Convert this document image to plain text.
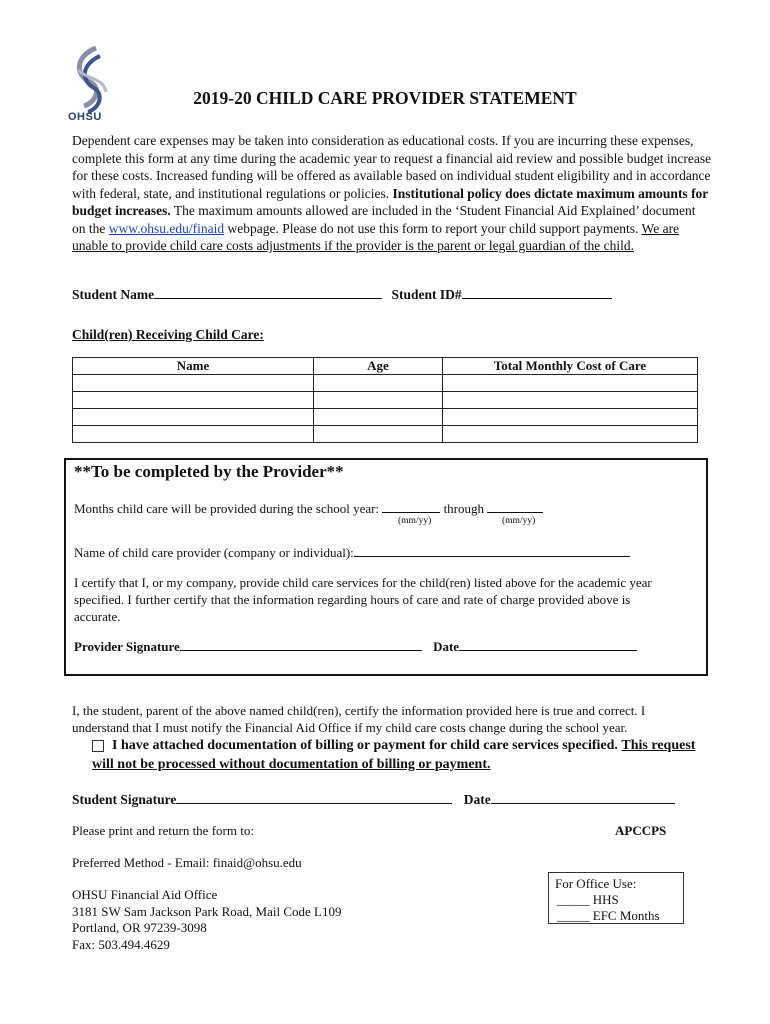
OHSU
2019-20 CHILD CARE PROVIDER STATEMENT
Dependent care expenses may be taken into consideration as educational costs. If you are incurring these expenses, complete this form at any time during the academic year to request a financial aid review and possible budget increase for these costs. Increased funding will be offered as available based on individual student eligibility and in accordance with federal, state, and institutional regulations or policies. Institutional policy does dictate maximum amounts for budget increases. The maximum amounts allowed are included in the ‘Student Financial Aid Explained’ document on the www.ohsu.edu/finaid webpage. Please do not use this form to report your child support payments. We are unable to provide child care costs adjustments if the provider is the parent or legal guardian of the child.
Student Name	Student ID#
Child(ren) Receiving Child Care:
Name	Age	Total Monthly Cost of Care

**To be completed by the Provider**
Months child care will be provided during the school year:	through
(mm/yy)	(mm/yy)
Name of child care provider (company or individual):
I certify that I, or my company, provide child care services for the child(ren) listed above for the academic year specified. I further certify that the information regarding hours of care and rate of charge provided above is accurate.
Provider Signature	Date
I, the student, parent of the above named child(ren), certify the information provided here is true and correct. I understand that I must notify the Financial Aid Office if my child care costs change during the school year.
I have attached documentation of billing or payment for child care services specified. This request will not be processed without documentation of billing or payment.
Student Signature	Date
Please print and return the form to:	APCCPS
Preferred Method - Email: finaid@ohsu.edu
OHSU Financial Aid Office
3181 SW Sam Jackson Park Road, Mail Code L109
Portland, OR 97239-3098
Fax: 503.494.4629
For Office Use:
_____ HHS
_____ EFC Months
